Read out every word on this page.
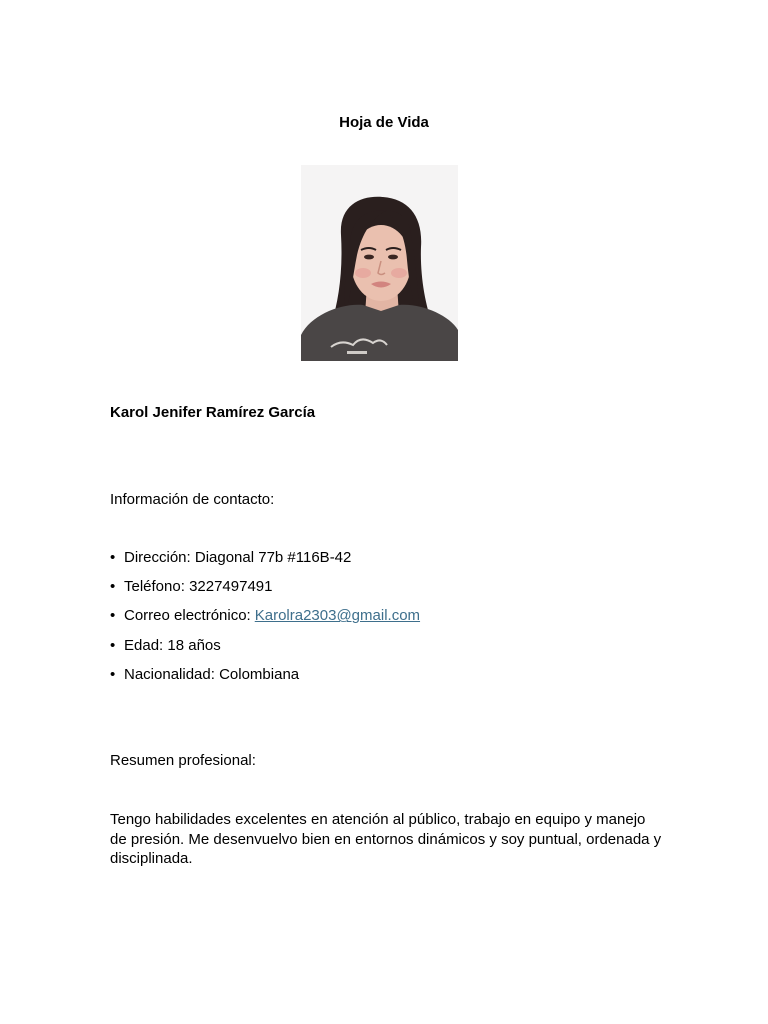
Hoja de Vida
Karol Jenifer Ramírez García
Información de contacto:
• Dirección:
Diagonal 77b #116B-42
• Teléfono:
3227497491
• Correo electrónico: Karolra2303@gmail.com
• Edad:
18 años
• Nacionalidad:
Colombiana
Resumen profesional:

Tengo habilidades excelentes en atención al público, trabajo en equipo y manejo de presión. Me desenvuelvo bien en entornos dinámicos y soy puntual, ordenada y disciplinada.
